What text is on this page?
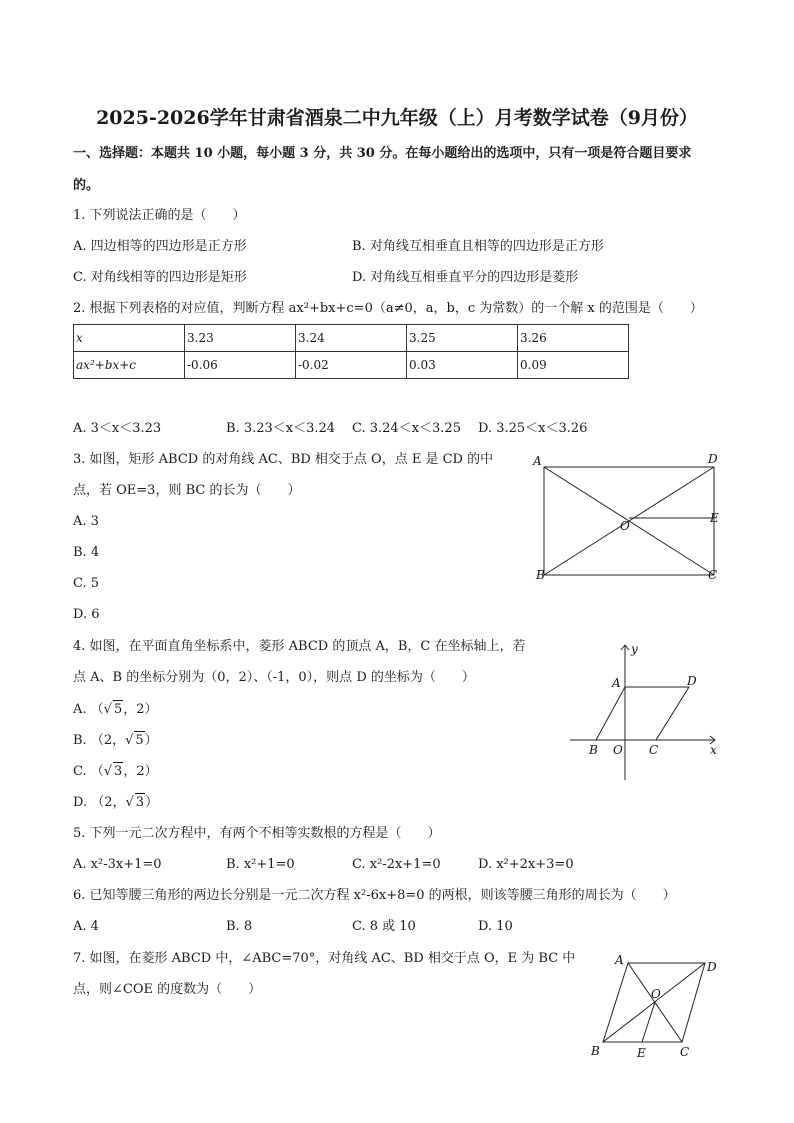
2025-2026学年甘肃省酒泉二中九年级（上）月考数学试卷（9月份）
一、选择题：本题共 10 小题，每小题 3 分，共 30 分。在每小题给出的选项中，只有一项是符合题目要求
的。
1. 下列说法正确的是（　　）
A. 四边相等的四边形是正方形	B. 对角线互相垂直且相等的四边形是正方形
C. 对角线相等的四边形是矩形	D. 对角线互相垂直平分的四边形是菱形
2. 根据下列表格的对应值，判断方程 ax²+bx+c=0（a≠0，a，b，c 为常数）的一个解 x 的范围是（　　）
x	3.23	3.24	3.25	3.26
ax²+bx+c	-0.06	-0.02	0.03	0.09
A. 3＜x＜3.23	B. 3.23＜x＜3.24 C. 3.24＜x＜3.25 D. 3.25＜x＜3.26
3. 如图，矩形 ABCD 的对角线 AC、BD 相交于点 O，点 E 是 CD 的中
点，若 OE=3，则 BC 的长为（　　）
A. 3
B. 4
C. 5
D. 6
A	D
E
O
B	C
4. 如图，在平面直角坐标系中，菱形 ABCD 的顶点 A，B，C 在坐标轴上，若
点 A、B 的坐标分别为（0，2）、（-1，0），则点 D 的坐标为（　　）
A. （√ 5，2）
B. （2，√ 5）
C. （√ 3，2）
D. （2，√ 3）
y
x
A	D
B O C
5. 下列一元二次方程中，有两个不相等实数根的方程是（　　）
A. x²-3x+1=0	B. x²+1=0	C. x²-2x+1=0	D. x²+2x+3=0
6. 已知等腰三角形的两边长分别是一元二次方程 x²-6x+8=0 的两根，则该等腰三角形的周长为（　　）
A. 4	B. 8	C. 8 或 10	D. 10
7. 如图，在菱形 ABCD 中，∠ABC=70°，对角线 AC、BD 相交于点 O，E 为 BC 中
点，则∠COE 的度数为（　　）
A	D
O
B	E	C
